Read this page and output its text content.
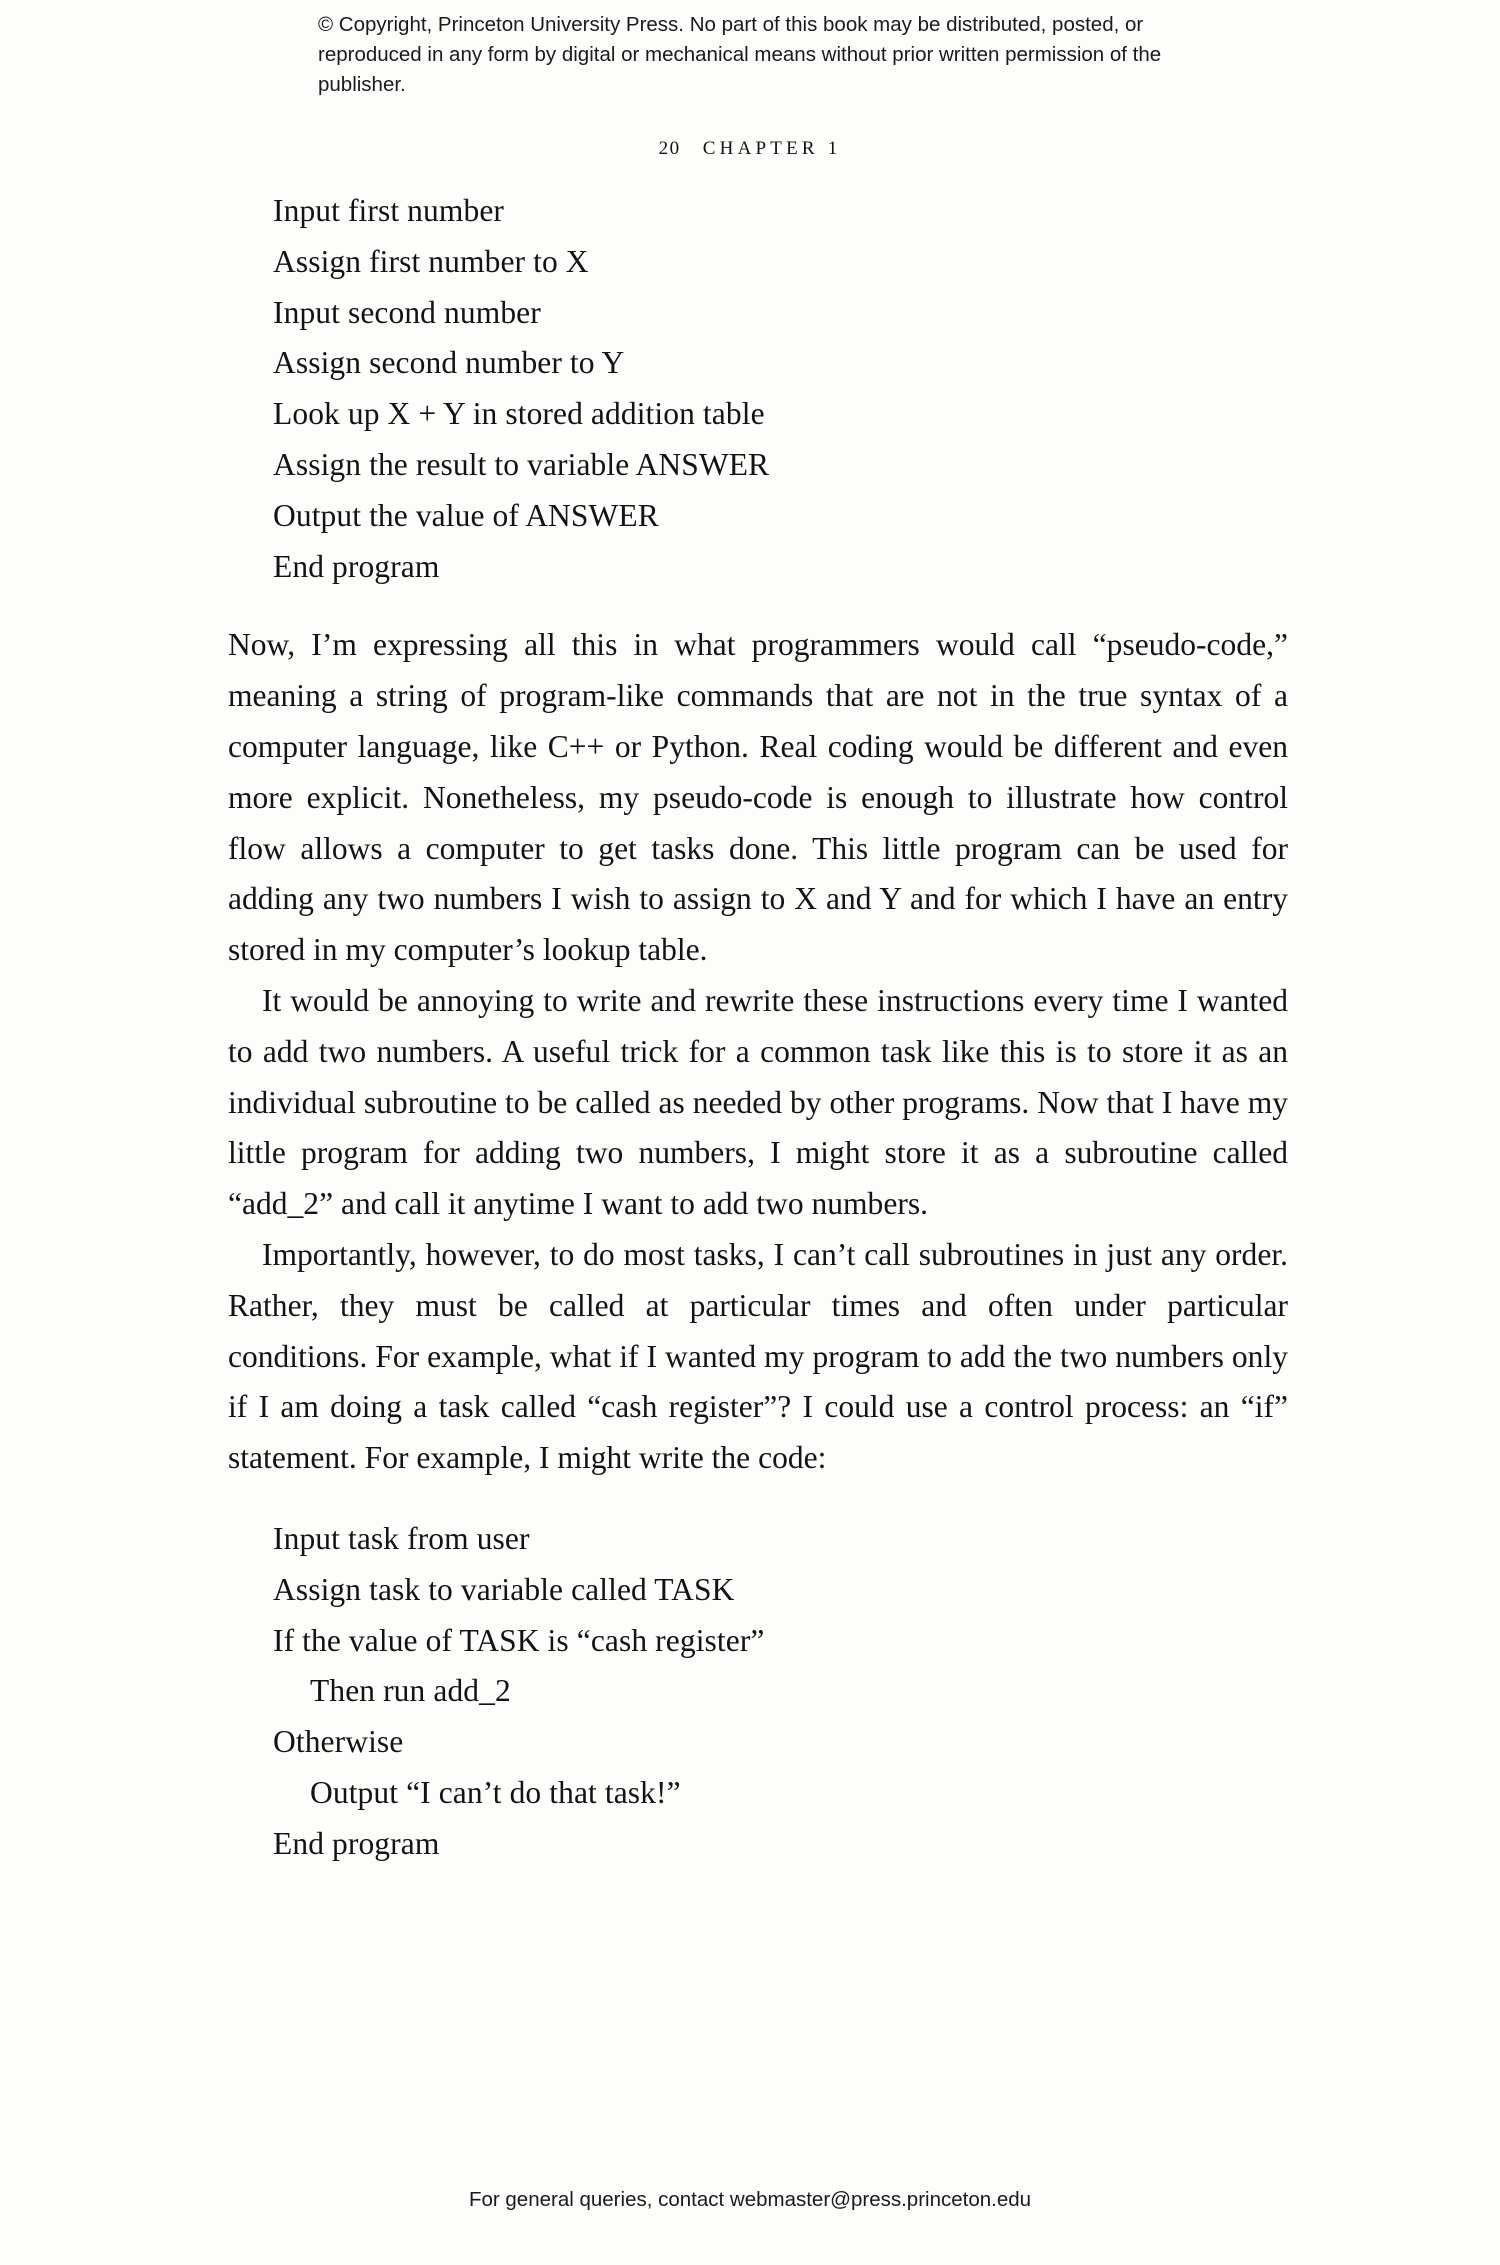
© Copyright, Princeton University Press. No part of this book may be distributed, posted, or reproduced in any form by digital or mechanical means without prior written permission of the publisher.
20 CHAPTER 1
Input first number
Assign first number to X
Input second number
Assign second number to Y
Look up X + Y in stored addition table
Assign the result to variable ANSWER
Output the value of ANSWER
End program

Now, I’m expressing all this in what programmers would call “pseudo-code,” meaning a string of program-like commands that are not in the true syntax of a computer language, like C++ or Python. Real coding would be different and even more explicit. Nonetheless, my pseudo-code is enough to illustrate how control flow allows a computer to get tasks done. This little program can be used for adding any two numbers I wish to assign to X and Y and for which I have an entry stored in my computer’s lookup table.

It would be annoying to write and rewrite these instructions every time I wanted to add two numbers. A useful trick for a common task like this is to store it as an individual subroutine to be called as needed by other programs. Now that I have my little program for adding two numbers, I might store it as a subroutine called “add_2” and call it anytime I want to add two numbers.

Importantly, however, to do most tasks, I can’t call subroutines in just any order. Rather, they must be called at particular times and often under particular conditions. For example, what if I wanted my program to add the two numbers only if I am doing a task called “cash register”? I could use a control process: an “if” statement. For example, I might write the code:

Input task from user
Assign task to variable called TASK
If the value of TASK is “cash register”
Then run add_2
Otherwise
Output “I can’t do that task!”
End program
For general queries, contact webmaster@press.princeton.edu
